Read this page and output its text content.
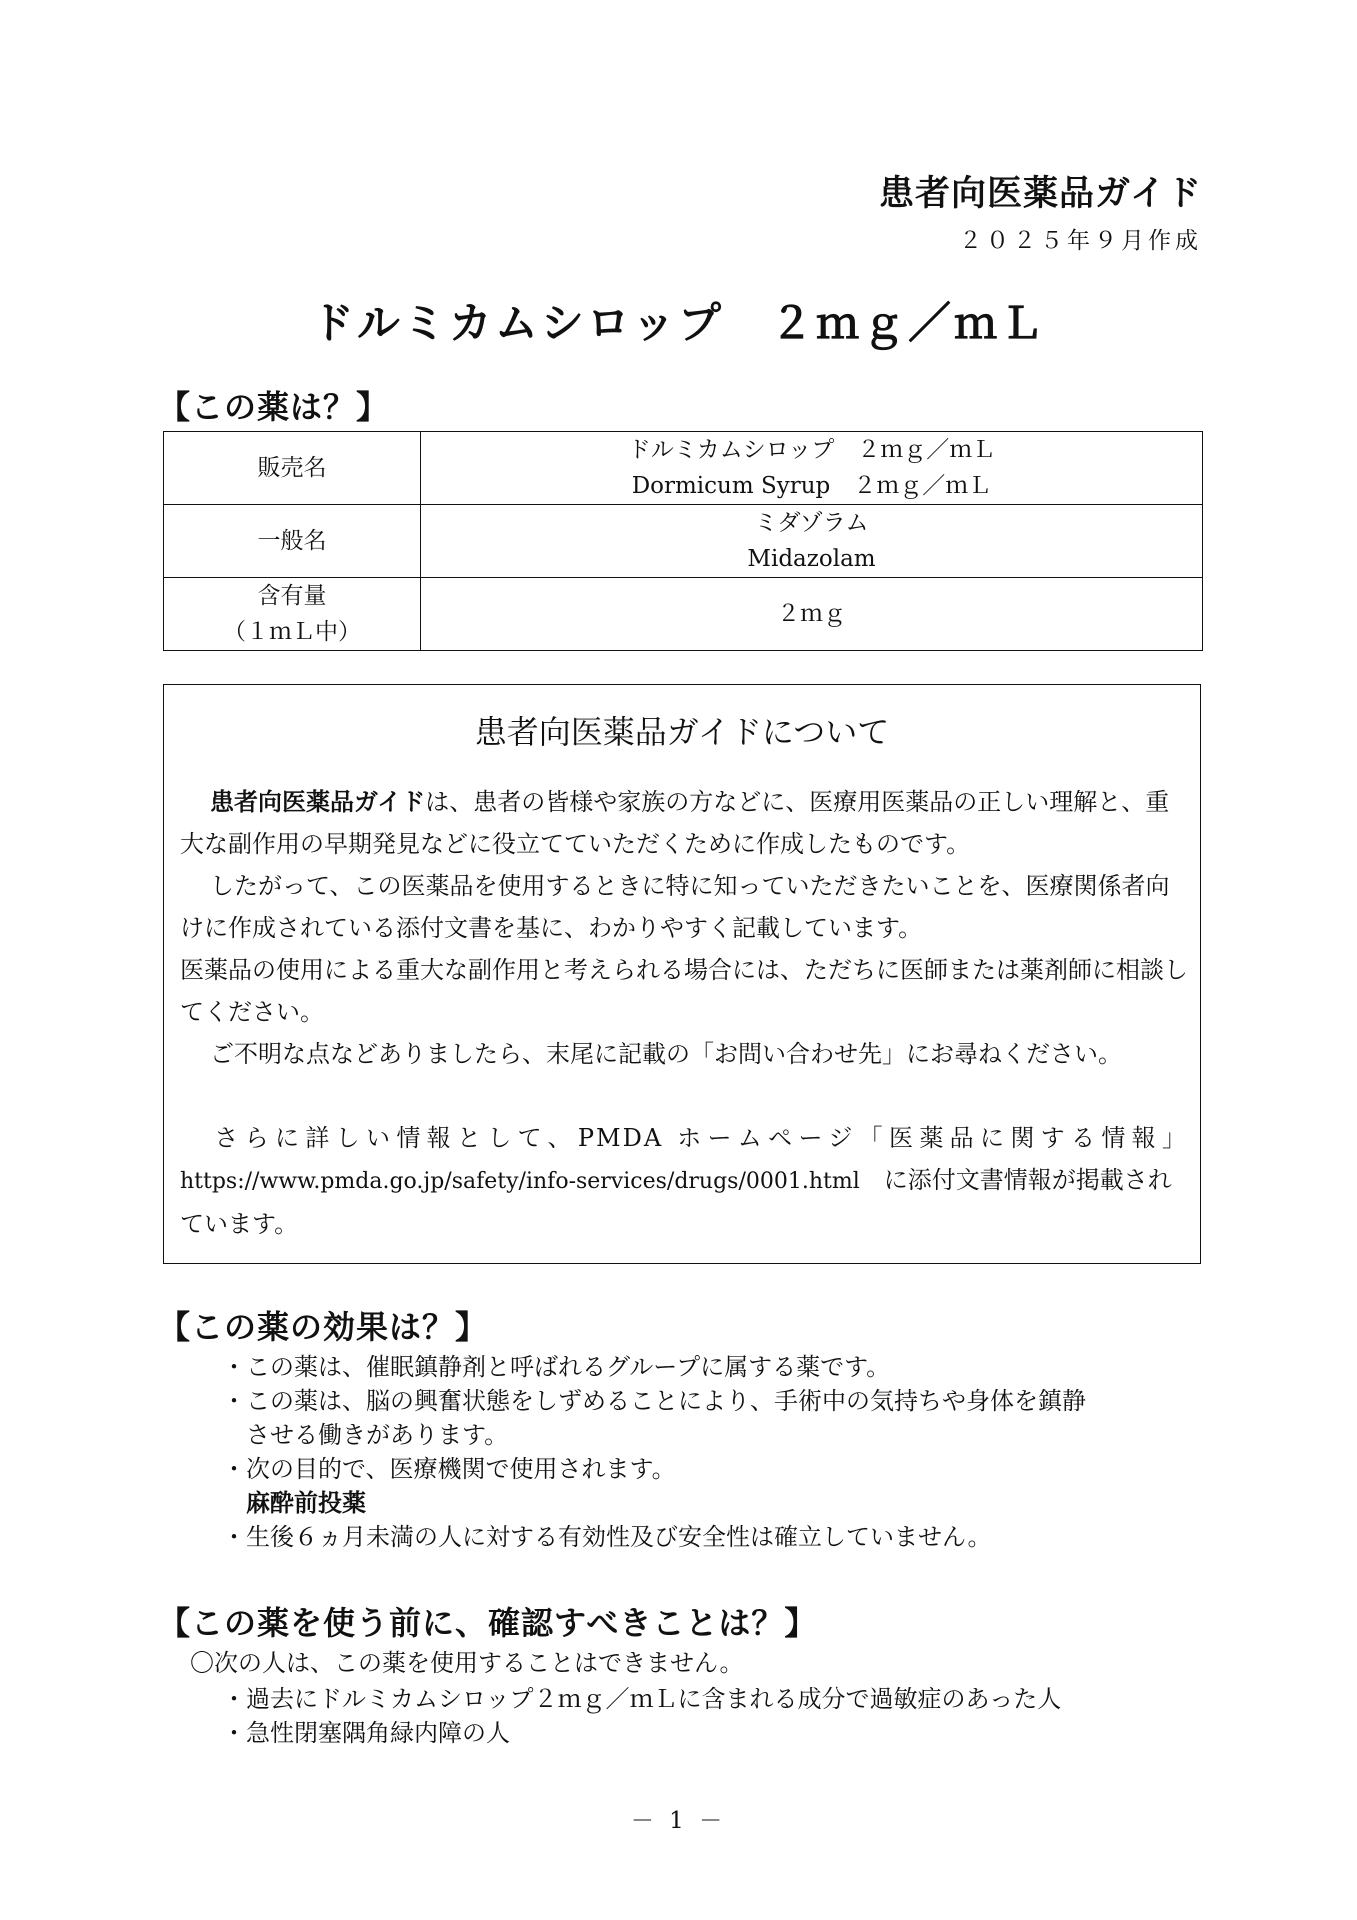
患者向医薬品ガイド
２０２５年９月作成
ドルミカムシロップ　２ｍｇ／ｍＬ
【この薬は？】
販売名	ドルミカムシロップ　２ｍｇ／ｍＬ
Dormicum Syrup　２ｍｇ／ｍＬ

一般名	ミダゾラム
Midazolam

含有量
（１ｍＬ中）	２ｍｇ
患者向医薬品ガイドについて
患者向医薬品ガイドは、患者の皆様や家族の方などに、医療用医薬品の正しい理解と、重大な副作用の早期発見などに役立てていただくために作成したものです。
したがって、この医薬品を使用するときに特に知っていただきたいことを、医療関係者向けに作成されている添付文書を基に、わかりやすく記載しています。
医薬品の使用による重大な副作用と考えられる場合には、ただちに医師または薬剤師に相談してください。
ご不明な点などありましたら、末尾に記載の「お問い合わせ先」にお尋ねください。
さらに詳しい情報として、PMDA ホームページ「医薬品に関する情報」
https://www.pmda.go.jp/safety/info-services/drugs/0001.html　に添付文書情報が掲載されています。
【この薬の効果は？】
・この薬は、催眠鎮静剤と呼ばれるグループに属する薬です。
・この薬は、脳の興奮状態をしずめることにより、手術中の気持ちや身体を鎮静
させる働きがあります。
・次の目的で、医療機関で使用されます。
麻酔前投薬
・生後６ヵ月未満の人に対する有効性及び安全性は確立していません。
【この薬を使う前に、確認すべきことは？】
〇次の人は、この薬を使用することはできません。
・過去にドルミカムシロップ２ｍｇ／ｍＬに含まれる成分で過敏症のあった人
・急性閉塞隅角緑内障の人
－ 1 －
